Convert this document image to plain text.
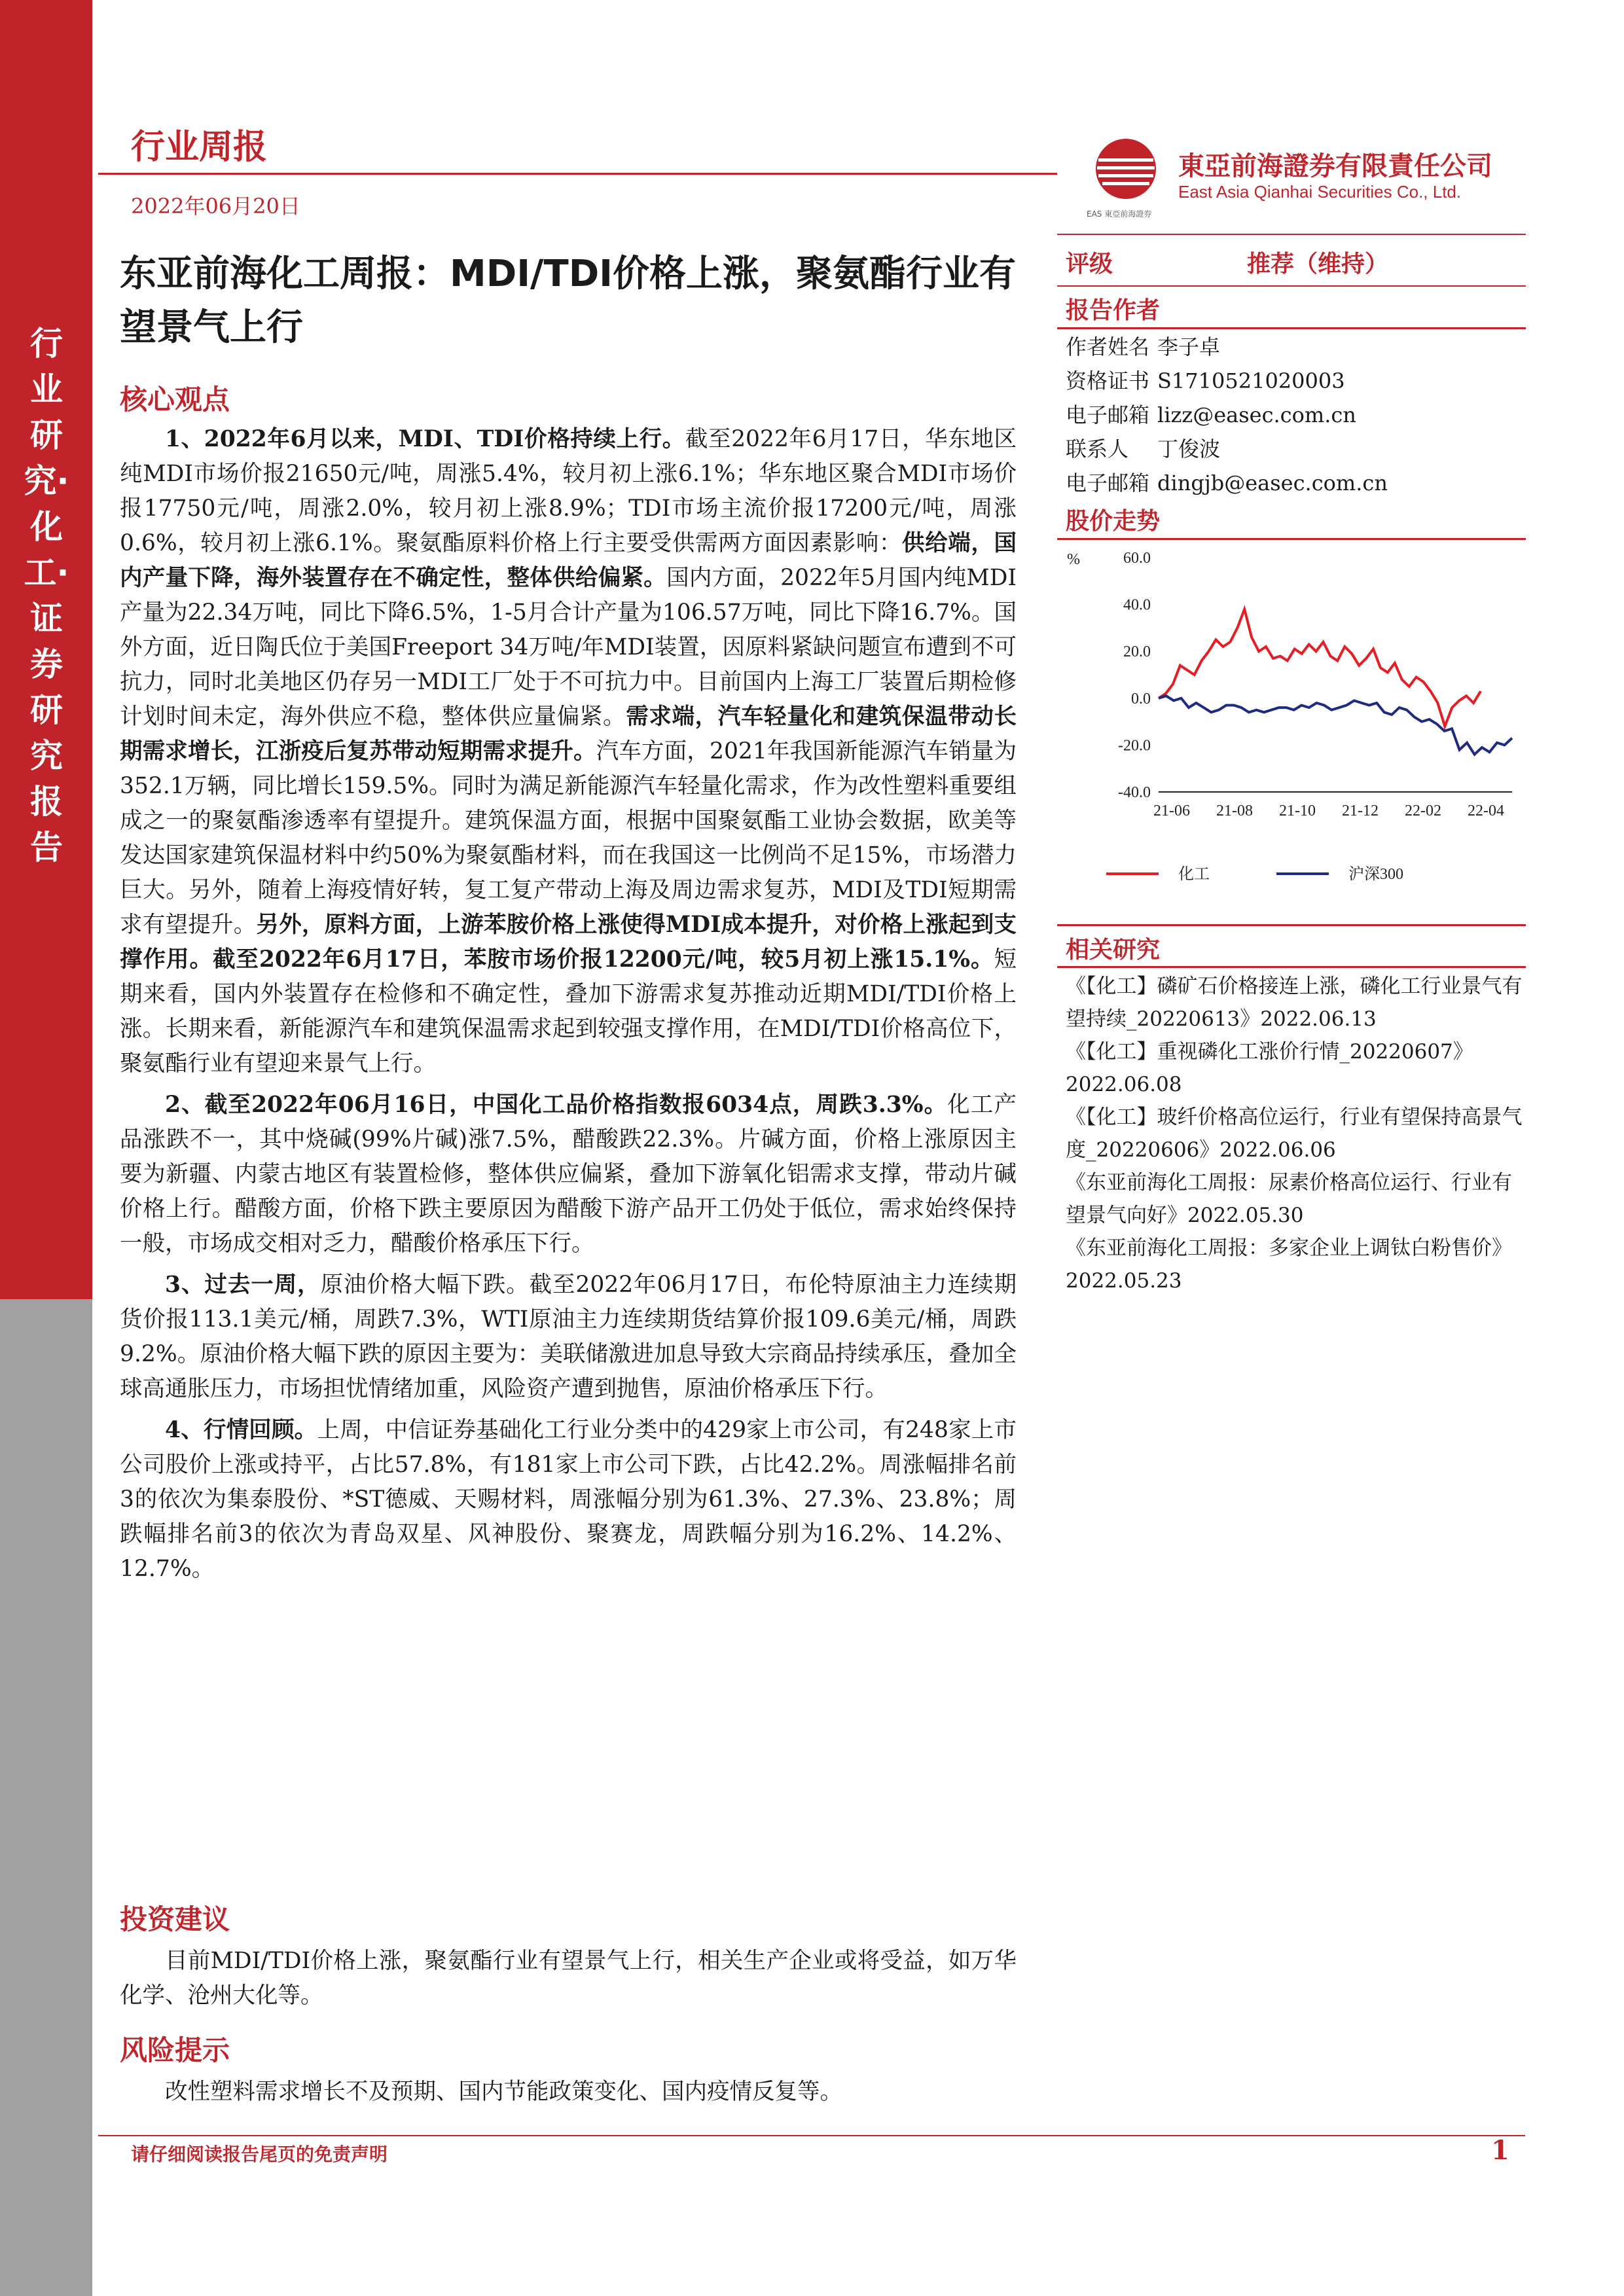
行业研究·化工·证券研究报告
行业周报
2022年06月20日
東亞前海證券有限責任公司
East Asia Qianhai Securities Co., Ltd.
EAS 東亞前海證券
东亚前海化工周报：MDI/TDI价格上涨，聚氨酯行业有望景气上行
核心观点

1、2022年6月以来，MDI、TDI价格持续上行。截至2022年6月17日，华东地区纯MDI市场价报21650元/吨，周涨5.4%，较月初上涨6.1%；华东地区聚合MDI市场价报17750元/吨，周涨2.0%，较月初上涨8.9%；TDI市场主流价报17200元/吨，周涨0.6%，较月初上涨6.1%。聚氨酯原料价格上行主要受供需两方面因素影响：供给端，国内产量下降，海外装置存在不确定性，整体供给偏紧。国内方面，2022年5月国内纯MDI产量为22.34万吨，同比下降6.5%，1-5月合计产量为106.57万吨，同比下降16.7%。国外方面，近日陶氏位于美国Freeport 34万吨/年MDI装置，因原料紧缺问题宣布遭到不可抗力，同时北美地区仍存另一MDI工厂处于不可抗力中。目前国内上海工厂装置后期检修计划时间未定，海外供应不稳，整体供应量偏紧。需求端，汽车轻量化和建筑保温带动长期需求增长，江浙疫后复苏带动短期需求提升。汽车方面，2021年我国新能源汽车销量为352.1万辆，同比增长159.5%。同时为满足新能源汽车轻量化需求，作为改性塑料重要组成之一的聚氨酯渗透率有望提升。建筑保温方面，根据中国聚氨酯工业协会数据，欧美等发达国家建筑保温材料中约50%为聚氨酯材料，而在我国这一比例尚不足15%，市场潜力巨大。另外，随着上海疫情好转，复工复产带动上海及周边需求复苏，MDI及TDI短期需求有望提升。另外，原料方面，上游苯胺价格上涨使得MDI成本提升，对价格上涨起到支撑作用。截至2022年6月17日，苯胺市场价报12200元/吨，较5月初上涨15.1%。短期来看，国内外装置存在检修和不确定性，叠加下游需求复苏推动近期MDI/TDI价格上涨。长期来看，新能源汽车和建筑保温需求起到较强支撑作用，在MDI/TDI价格高位下，聚氨酯行业有望迎来景气上行。

2、截至2022年06月16日，中国化工品价格指数报6034点，周跌3.3%。化工产品涨跌不一，其中烧碱(99%片碱)涨7.5%，醋酸跌22.3%。片碱方面，价格上涨原因主要为新疆、内蒙古地区有装置检修，整体供应偏紧，叠加下游氧化铝需求支撑，带动片碱价格上行。醋酸方面，价格下跌主要原因为醋酸下游产品开工仍处于低位，需求始终保持一般，市场成交相对乏力，醋酸价格承压下行。

3、过去一周，原油价格大幅下跌。截至2022年06月17日，布伦特原油主力连续期货价报113.1美元/桶，周跌7.3%，WTI原油主力连续期货结算价报109.6美元/桶，周跌9.2%。原油价格大幅下跌的原因主要为：美联储激进加息导致大宗商品持续承压，叠加全球高通胀压力，市场担忧情绪加重，风险资产遭到抛售，原油价格承压下行。

4、行情回顾。上周，中信证券基础化工行业分类中的429家上市公司，有248家上市公司股价上涨或持平，占比57.8%，有181家上市公司下跌，占比42.2%。周涨幅排名前3的依次为集泰股份、*ST德威、天赐材料，周涨幅分别为61.3%、27.3%、23.8%；周跌幅排名前3的依次为青岛双星、风神股份、聚赛龙，周跌幅分别为16.2%、14.2%、12.7%。

投资建议

目前MDI/TDI价格上涨，聚氨酯行业有望景气上行，相关生产企业或将受益，如万华化学、沧州大化等。

风险提示

改性塑料需求增长不及预期、国内节能政策变化、国内疫情反复等。

评级	推荐（维持）
报告作者
作者姓名 李子卓
资格证书 S1710521020003
电子邮箱 lizz@easec.com.cn
联系人 丁俊波
电子邮箱 dingjb@easec.com.cn
股价走势
%	60.0
40.0
20.0
0.0
-20.0
-40.0
21-06 21-08 21-10 21-12 22-02 22-04
化工	沪深300
相关研究
《【化工】磷矿石价格接连上涨，磷化工行业景气有望持续_20220613》2022.06.13
《【化工】重视磷化工涨价行情_20220607》2022.06.08
《【化工】玻纤价格高位运行，行业有望保持高景气度_20220606》2022.06.06
《东亚前海化工周报：尿素价格高位运行、行业有望景气向好》2022.05.30
《东亚前海化工周报：多家企业上调钛白粉售价》2022.05.23
请仔细阅读报告尾页的免责声明	1
